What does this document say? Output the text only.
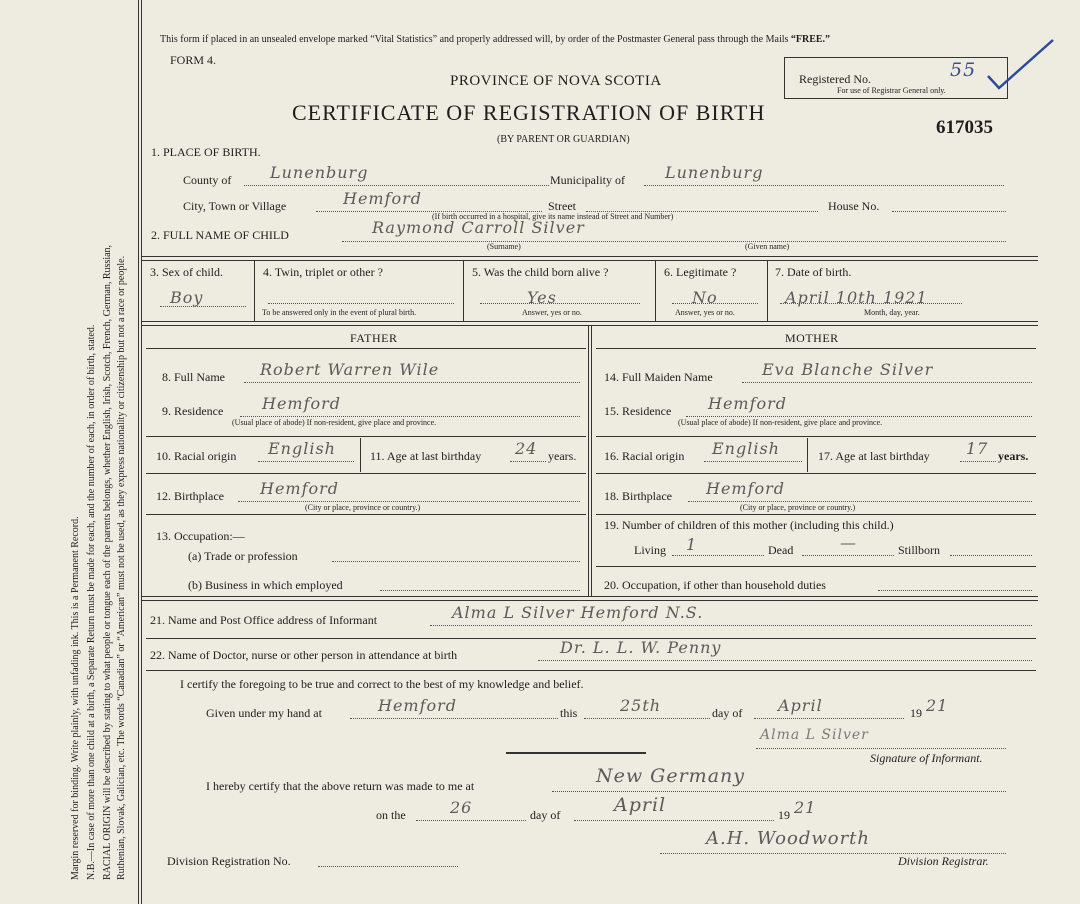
Margin reserved for binding. Write plainly, with unfading ink. This is a Permanent Record. N.B.—In case of more than one child at a birth, a Separate Return must be made for each, and the number of each, in order of birth, stated. RACIAL ORIGIN will be described by stating to what people or tongue each of the parents belongs, whether English, Irish, Scotch, French, German, Russian, Ruthenian, Slovak, Galician, etc. The words “Canadian” or “American” must not be used, as they express nationality or citizenship but not a race or people.
This form if placed in an unsealed envelope marked “Vital Statistics” and properly addressed will, by order of the Postmaster General pass through the Mails “FREE.”
FORM 4.
PROVINCE OF NOVA SCOTIA
CERTIFICATE OF REGISTRATION OF BIRTH
(BY PARENT OR GUARDIAN)
617035
Registered No.	55
For use of Registrar General only.
1. PLACE OF BIRTH.
County of Lunenburg	Municipality of	Lunenburg
City, Town or Village	Hemford	Street	House No.
(If birth occurred in a hospital, give its name instead of Street and Number)
2. FULL NAME OF CHILD	Raymond Carroll Silver
(Surname)	(Given name)
3. Sex of child.
Boy
4. Twin, triplet or other ?
To be answered only in the event of plural birth.
5. Was the child born alive ?
Yes
Answer, yes or no.
6. Legitimate ?
No
Answer, yes or no.
7. Date of birth.
April 10th 1921
Month, day, year.
FATHER	MOTHER
8. Full Name Robert Warren Wile
9. Residence Hemford
(Usual place of abode) If non-resident, give place and province.
10. Racial origin English	11. Age at last birthday 24 years.
12. Birthplace Hemford
(City or place, province or country.)
13. Occupation:—
(a) Trade or profession
(b) Business in which employed
14. Full Maiden Name	Eva Blanche Silver
15. Residence Hemford
(Usual place of abode) If non-resident, give place and province.
16. Racial origin English	17. Age at last birthday 17 years.
18. Birthplace Hemford
(City or place, province or country.)
19. Number of children of this mother (including this child.)
Living 1	Dead	—	Stillborn
20. Occupation, if other than household duties
21. Name and Post Office address of Informant	Alma L Silver Hemford N.S.
22. Name of Doctor, nurse or other person in attendance at birth	Dr. L. L. W. Penny
I certify the foregoing to be true and correct to the best of my knowledge and belief.
Given under my hand at	Hemford	this	25th	day of April	19 21
Alma L Silver
Signature of Informant.
I hereby certify that the above return was made to me at	New Germany
on the	26	day of	April	19 21
Division Registration No.
A.H. Woodworth
Division Registrar.
